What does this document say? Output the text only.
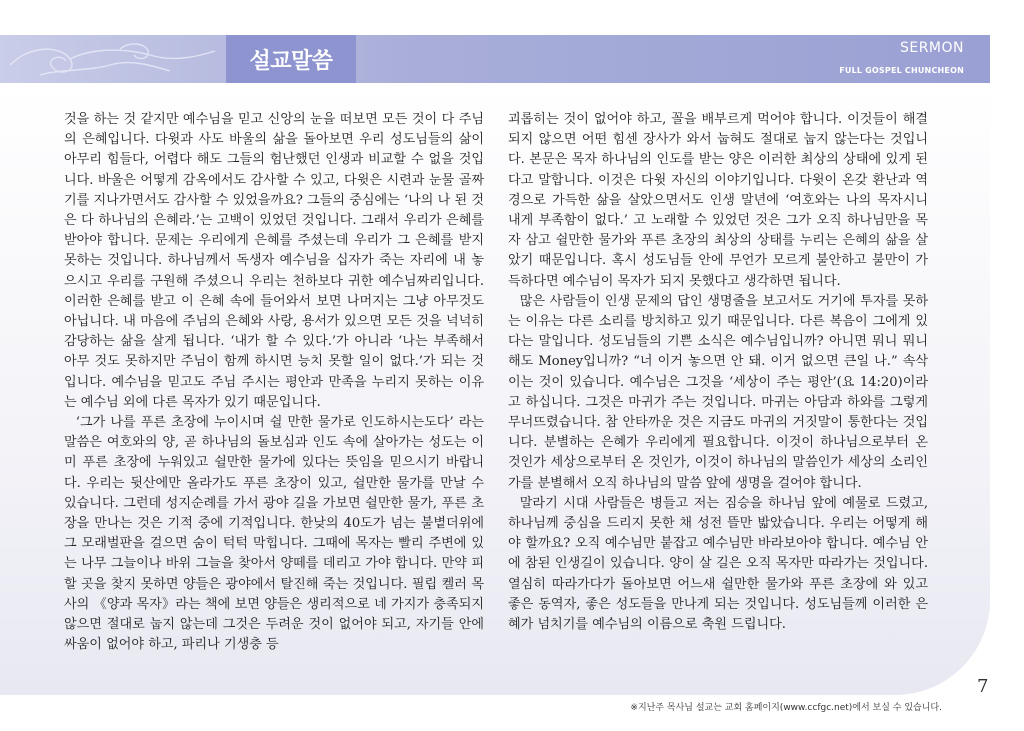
설교말씀
SERMON
FULL GOSPEL CHUNCHEON

것을 하는 것 같지만 예수님을 믿고 신앙의 눈을 떠보면 모든 것이 다 주님의 은혜입니다. 다윗과 사도 바울의 삶을 돌아보면 우리 성도님들의 삶이 아무리 힘들다, 어렵다 해도 그들의 험난했던 인생과 비교할 수 없을 것입니다. 바울은 어떻게 감옥에서도 감사할 수 있고, 다윗은 시련과 눈물 골짜기를 지나가면서도 감사할 수 있었을까요? 그들의 중심에는 ‘나의 나 된 것은 다 하나님의 은혜라.’는 고백이 있었던 것입니다. 그래서 우리가 은혜를 받아야 합니다. 문제는 우리에게 은혜를 주셨는데 우리가 그 은혜를 받지 못하는 것입니다. 하나님께서 독생자 예수님을 십자가 죽는 자리에 내 놓으시고 우리를 구원해 주셨으니 우리는 천하보다 귀한 예수님짜리입니다. 이러한 은혜를 받고 이 은혜 속에 들어와서 보면 나머지는 그냥 아무것도 아닙니다. 내 마음에 주님의 은혜와 사랑, 용서가 있으면 모든 것을 넉넉히 감당하는 삶을 살게 됩니다. ‘내가 할 수 있다.’가 아니라 ‘나는 부족해서 아무 것도 못하지만 주님이 함께 하시면 능치 못할 일이 없다.’가 되는 것입니다. 예수님을 믿고도 주님 주시는 평안과 만족을 누리지 못하는 이유는 예수님 외에 다른 목자가 있기 때문입니다.

‘그가 나를 푸른 초장에 누이시며 쉴 만한 물가로 인도하시는도다’ 라는 말씀은 여호와의 양, 곧 하나님의 돌보심과 인도 속에 살아가는 성도는 이미 푸른 초장에 누워있고 쉴만한 물가에 있다는 뜻임을 믿으시기 바랍니다. 우리는 뒷산에만 올라가도 푸른 초장이 있고, 쉴만한 물가를 만날 수 있습니다. 그런데 성지순례를 가서 광야 길을 가보면 쉴만한 물가, 푸른 초장을 만나는 것은 기적 중에 기적입니다. 한낮의 40도가 넘는 불볕더위에 그 모래벌판을 걸으면 숨이 턱턱 막힙니다. 그때에 목자는 빨리 주변에 있는 나무 그늘이나 바위 그늘을 찾아서 양떼를 데리고 가야 합니다. 만약 피할 곳을 찾지 못하면 양들은 광야에서 탈진해 죽는 것입니다. 필립 켈러 목사의 《양과 목자》라는 책에 보면 양들은 생리적으로 네 가지가 충족되지 않으면 절대로 눕지 않는데 그것은 두려운 것이 없어야 되고, 자기들 안에 싸움이 없어야 하고, 파리나 기생충 등

괴롭히는 것이 없어야 하고, 꼴을 배부르게 먹어야 합니다. 이것들이 해결되지 않으면 어떤 힘센 장사가 와서 눕혀도 절대로 눕지 않는다는 것입니다. 본문은 목자 하나님의 인도를 받는 양은 이러한 최상의 상태에 있게 된다고 말합니다. 이것은 다윗 자신의 이야기입니다. 다윗이 온갖 환난과 역경으로 가득한 삶을 살았으면서도 인생 말년에 ‘여호와는 나의 목자시니 내게 부족함이 없다.’ 고 노래할 수 있었던 것은 그가 오직 하나님만을 목자 삼고 쉴만한 물가와 푸른 초장의 최상의 상태를 누리는 은혜의 삶을 살았기 때문입니다. 혹시 성도님들 안에 무언가 모르게 불안하고 불만이 가득하다면 예수님이 목자가 되지 못했다고 생각하면 됩니다.

많은 사람들이 인생 문제의 답인 생명줄을 보고서도 거기에 투자를 못하는 이유는 다른 소리를 방치하고 있기 때문입니다. 다른 복음이 그에게 있다는 말입니다. 성도님들의 기쁜 소식은 예수님입니까? 아니면 뭐니 뭐니 해도 Money입니까? “너 이거 놓으면 안 돼. 이거 없으면 큰일 나.” 속삭이는 것이 있습니다. 예수님은 그것을 ‘세상이 주는 평안’(요 14:20)이라고 하십니다. 그것은 마귀가 주는 것입니다. 마귀는 아담과 하와를 그렇게 무너뜨렸습니다. 참 안타까운 것은 지금도 마귀의 거짓말이 통한다는 것입니다. 분별하는 은혜가 우리에게 필요합니다. 이것이 하나님으로부터 온 것인가 세상으로부터 온 것인가, 이것이 하나님의 말씀인가 세상의 소리인가를 분별해서 오직 하나님의 말씀 앞에 생명을 걸어야 합니다.

말라기 시대 사람들은 병들고 저는 짐승을 하나님 앞에 예물로 드렸고, 하나님께 중심을 드리지 못한 채 성전 뜰만 밟았습니다. 우리는 어떻게 해야 할까요? 오직 예수님만 붙잡고 예수님만 바라보아야 합니다. 예수님 안에 참된 인생길이 있습니다. 양이 살 길은 오직 목자만 따라가는 것입니다. 열심히 따라가다가 돌아보면 어느새 쉴만한 물가와 푸른 초장에 와 있고 좋은 동역자, 좋은 성도들을 만나게 되는 것입니다. 성도님들께 이러한 은혜가 넘치기를 예수님의 이름으로 축원 드립니다.

7
※지난주 목사님 설교는 교회 홈페이지(www.ccfgc.net)에서 보실 수 있습니다.
